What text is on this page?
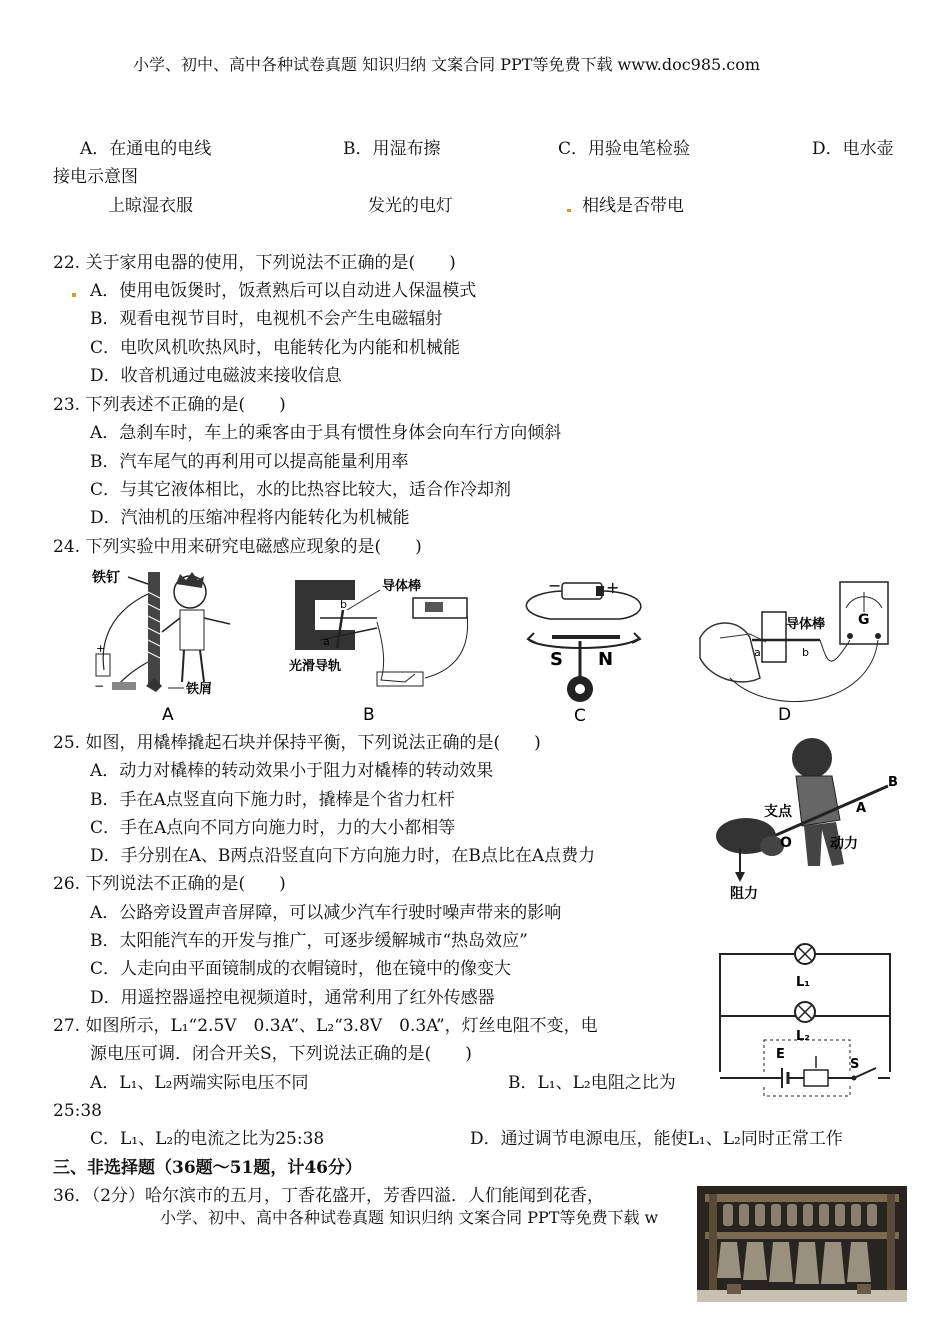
小学、初中、高中各种试卷真题 知识归纳 文案合同 PPT等免费下载 www.doc985.com
A．在通电的电线	B．用湿布擦	C．用验电笔检验	D．电水壶
接电示意图
上晾湿衣服	发光的电灯	相线是否带电
22. 关于家用电器的使用，下列说法不正确的是(　　)
A．使用电饭煲时，饭煮熟后可以自动进人保温模式
B．观看电视节目时，电视机不会产生电磁辐射
C．电吹风机吹热风时，电能转化为内能和机械能
D．收音机通过电磁波来接收信息
23. 下列表述不正确的是(　　)
A．急刹车时，车上的乘客由于具有惯性身体会向车行方向倾斜
B．汽车尾气的再利用可以提高能量利用率
C．与其它液体相比，水的比热容比较大，适合作冷却剂
D．汽油机的压缩冲程将内能转化为机械能
24. 下列实验中用来研究电磁感应现象的是(　　)
铁钉
+
−	铁屑
A
b
a
导体棒
光滑导轨
B
−	+
S N
C
a	b
导体棒 G
D
25. 如图，用橇棒撬起石块并保持平衡，下列说法正确的是(　　)
A．动力对橇棒的转动效果小于阻力对橇棒的转动效果
B．手在A点竖直向下施力时，撬棒是个省力杠杆
C．手在A点向不同方向施力时，力的大小都相等
D．手分别在A、B两点沿竖直向下方向施力时，在B点比在A点费力
B
A
支点
O	动力
阻力
26. 下列说法不正确的是(　　)
A．公路旁设置声音屏障，可以减少汽车行驶时噪声带来的影响
B．太阳能汽车的开发与推广，可逐步缓解城市“热岛效应”
C．人走向由平面镜制成的衣帽镜时，他在镜中的像变大
D．用遥控器遥控电视频道时，通常利用了红外传感器
L₁
L₂
E
S
27. 如图所示，L₁“2.5V　0.3A”、L₂“3.8V　0.3A”，灯丝电阻不变，电
源电压可调．闭合开关S，下列说法正确的是(　　)
A．L₁、L₂两端实际电压不同	B．L₁、L₂电阻之比为
25:38
C．L₁、L₂的电流之比为25:38	D．通过调节电源电压，能使L₁、L₂同时正常工作
三、非选择题（36题～51题，计46分）
36．（2分）哈尔滨市的五月，丁香花盛开，芳香四溢．人们能闻到花香，
小学、初中、高中各种试卷真题 知识归纳 文案合同 PPT等免费下载 w
